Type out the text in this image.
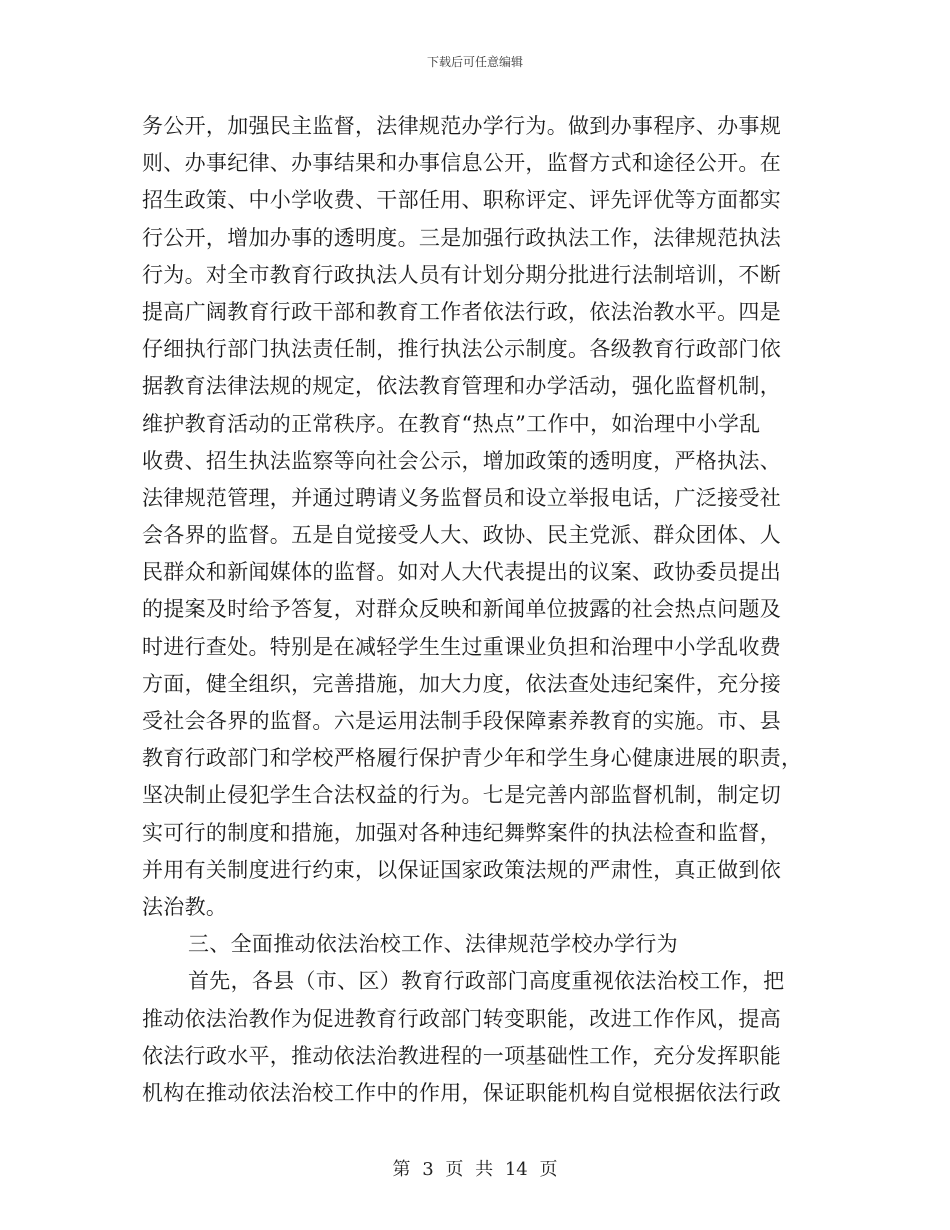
下载后可任意编辑
务公开，加强民主监督，法律规范办学行为。做到办事程序、办事规
则、办事纪律、办事结果和办事信息公开，监督方式和途径公开。在
招生政策、中小学收费、干部任用、职称评定、评先评优等方面都实
行公开，增加办事的透明度。三是加强行政执法工作，法律规范执法
行为。对全市教育行政执法人员有计划分期分批进行法制培训，不断
提高广阔教育行政干部和教育工作者依法行政，依法治教水平。四是
仔细执行部门执法责任制，推行执法公示制度。各级教育行政部门依
据教育法律法规的规定，依法教育管理和办学活动，强化监督机制，
维护教育活动的正常秩序。在教育“热点”工作中，如治理中小学乱
收费、招生执法监察等向社会公示，增加政策的透明度，严格执法、
法律规范管理，并通过聘请义务监督员和设立举报电话，广泛接受社
会各界的监督。五是自觉接受人大、政协、民主党派、群众团体、人
民群众和新闻媒体的监督。如对人大代表提出的议案、政协委员提出
的提案及时给予答复，对群众反映和新闻单位披露的社会热点问题及
时进行查处。特别是在减轻学生生过重课业负担和治理中小学乱收费
方面，健全组织，完善措施，加大力度，依法查处违纪案件，充分接
受社会各界的监督。六是运用法制手段保障素养教育的实施。市、县
教育行政部门和学校严格履行保护青少年和学生身心健康进展的职责，
坚决制止侵犯学生合法权益的行为。七是完善内部监督机制，制定切
实可行的制度和措施，加强对各种违纪舞弊案件的执法检查和监督，
并用有关制度进行约束，以保证国家政策法规的严肃性，真正做到依
法治教。
三、全面推动依法治校工作、法律规范学校办学行为
首先，各县（市、区）教育行政部门高度重视依法治校工作，把
推动依法治教作为促进教育行政部门转变职能，改进工作作风，提高
依法行政水平，推动依法治教进程的一项基础性工作，充分发挥职能
机构在推动依法治校工作中的作用，保证职能机构自觉根据依法行政
第 3 页 共 14 页
